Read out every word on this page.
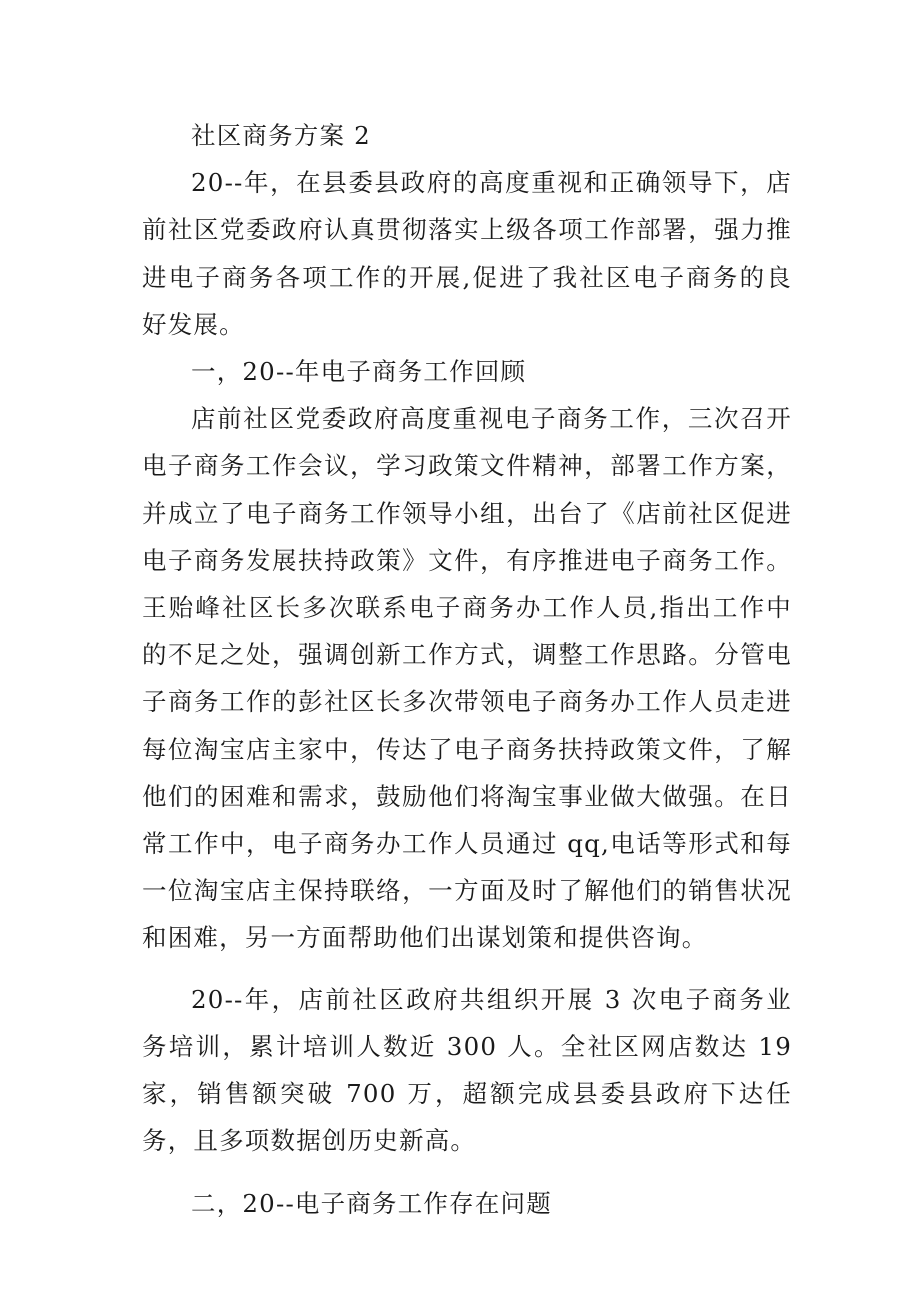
社区商务方案 2

20--年，在县委县政府的高度重视和正确领导下，店前社区党委政府认真贯彻落实上级各项工作部署，强力推进电子商务各项工作的开展,促进了我社区电子商务的良好发展。

一，20--年电子商务工作回顾

店前社区党委政府高度重视电子商务工作，三次召开电子商务工作会议，学习政策文件精神，部署工作方案，并成立了电子商务工作领导小组，出台了《店前社区促进电子商务发展扶持政策》文件，有序推进电子商务工作。王贻峰社区长多次联系电子商务办工作人员,指出工作中的不足之处，强调创新工作方式，调整工作思路。分管电子商务工作的彭社区长多次带领电子商务办工作人员走进每位淘宝店主家中，传达了电子商务扶持政策文件，了解他们的困难和需求，鼓励他们将淘宝事业做大做强。在日常工作中，电子商务办工作人员通过 qq,电话等形式和每一位淘宝店主保持联络，一方面及时了解他们的销售状况和困难，另一方面帮助他们出谋划策和提供咨询。

20--年，店前社区政府共组织开展 3 次电子商务业务培训，累计培训人数近 300 人。全社区网店数达 19 家，销售额突破 700 万，超额完成县委县政府下达任务，且多项数据创历史新高。

二，20--电子商务工作存在问题
